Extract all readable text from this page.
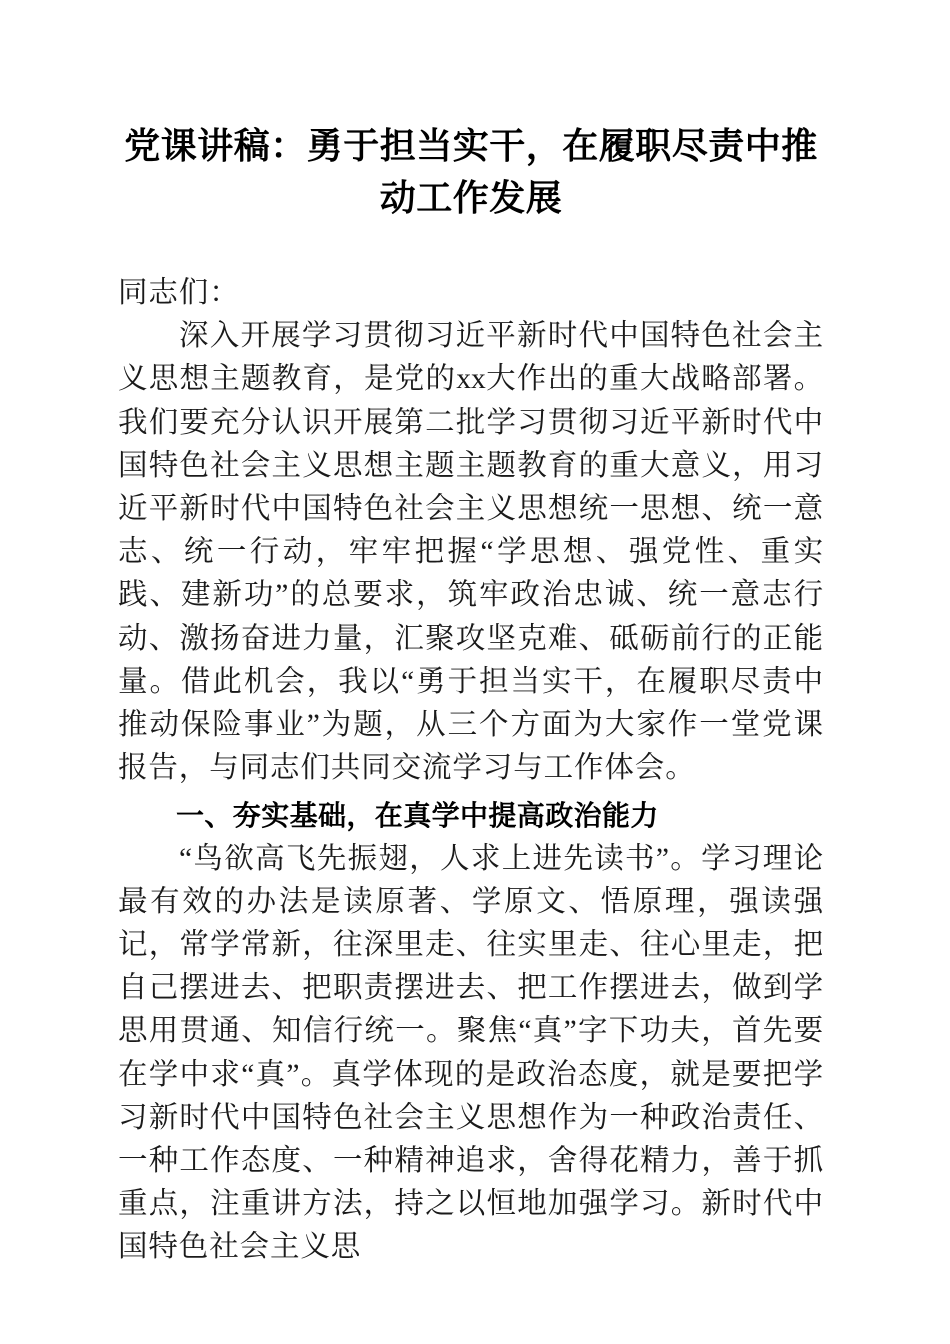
党课讲稿：勇于担当实干，在履职尽责中推动工作发展

同志们：

深入开展学习贯彻习近平新时代中国特色社会主义思想主题教育，是党的xx大作出的重大战略部署。我们要充分认识开展第二批学习贯彻习近平新时代中国特色社会主义思想主题主题教育的重大意义，用习近平新时代中国特色社会主义思想统一思想、统一意志、统一行动，牢牢把握“学思想、强党性、重实践、建新功”的总要求，筑牢政治忠诚、统一意志行动、激扬奋进力量，汇聚攻坚克难、砥砺前行的正能量。借此机会，我以“勇于担当实干，在履职尽责中推动保险事业”为题，从三个方面为大家作一堂党课报告，与同志们共同交流学习与工作体会。

一、夯实基础，在真学中提高政治能力

“鸟欲高飞先振翅，人求上进先读书”。学习理论最有效的办法是读原著、学原文、悟原理，强读强记，常学常新，往深里走、往实里走、往心里走，把自己摆进去、把职责摆进去、把工作摆进去，做到学思用贯通、知信行统一。聚焦“真”字下功夫，首先要在学中求“真”。真学体现的是政治态度，就是要把学习新时代中国特色社会主义思想作为一种政治责任、一种工作态度、一种精神追求，舍得花精力，善于抓重点，注重讲方法，持之以恒地加强学习。新时代中国特色社会主义思
